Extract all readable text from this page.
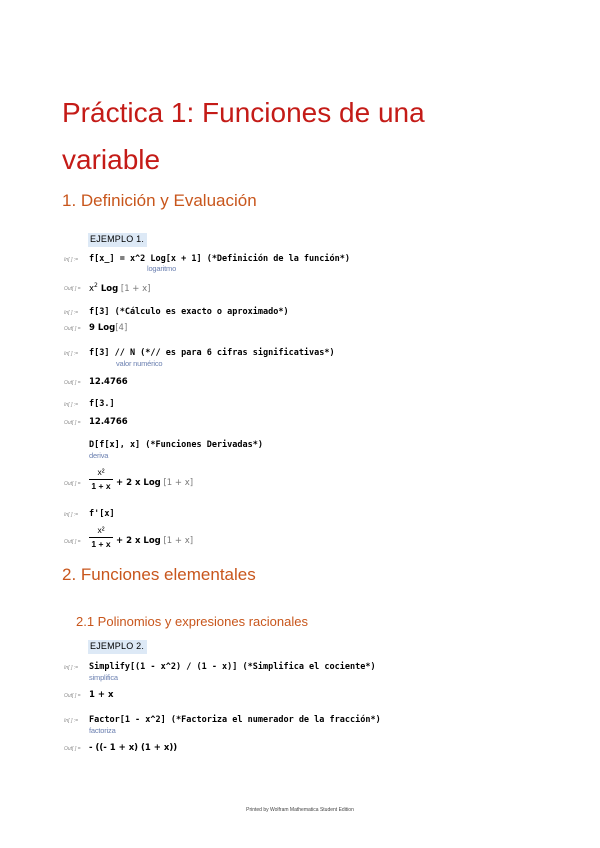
Práctica 1: Funciones de una
variable
1. Definición y Evaluación
EJEMPLO 1.
In[ ] :=	f[x_] = x^2 Log[x + 1] (*Definición de la función*)
logaritmo
Out[ ] = $x^2$ Log [1 + x]
In[ ] :=	f[3] (*Cálculo es exacto o aproximado*)
Out[ ] = 9 Log[4]
In[ ] :=	f[3] // N (*// es para 6 cifras significativas*)
valor numérico
Out[ ] = 12.4766
In[ ] :=	f[3.]
Out[ ] = 12.4766
D[f[x], x] (*Funciones Derivadas*)
deriva
Out[ ] =
x²
1 + x + 2 x Log [1 + x]
In[ ] :=	f'[x]
Out[ ] =
x²
1 + x + 2 x Log [1 + x]
2. Funciones elementales
2.1 Polinomios y expresiones racionales
EJEMPLO 2.
In[ ] :=	Simplify[(1 - x^2) / (1 - x)] (*Simplifica el cociente*)
simplifica
Out[ ] = 1 + x
In[ ] :=	Factor[1 - x^2] (*Factoriza el numerador de la fracción*)
factoriza
Out[ ] = - ((- 1 + x) (1 + x))
Printed by Wolfram Mathematica Student Edition
